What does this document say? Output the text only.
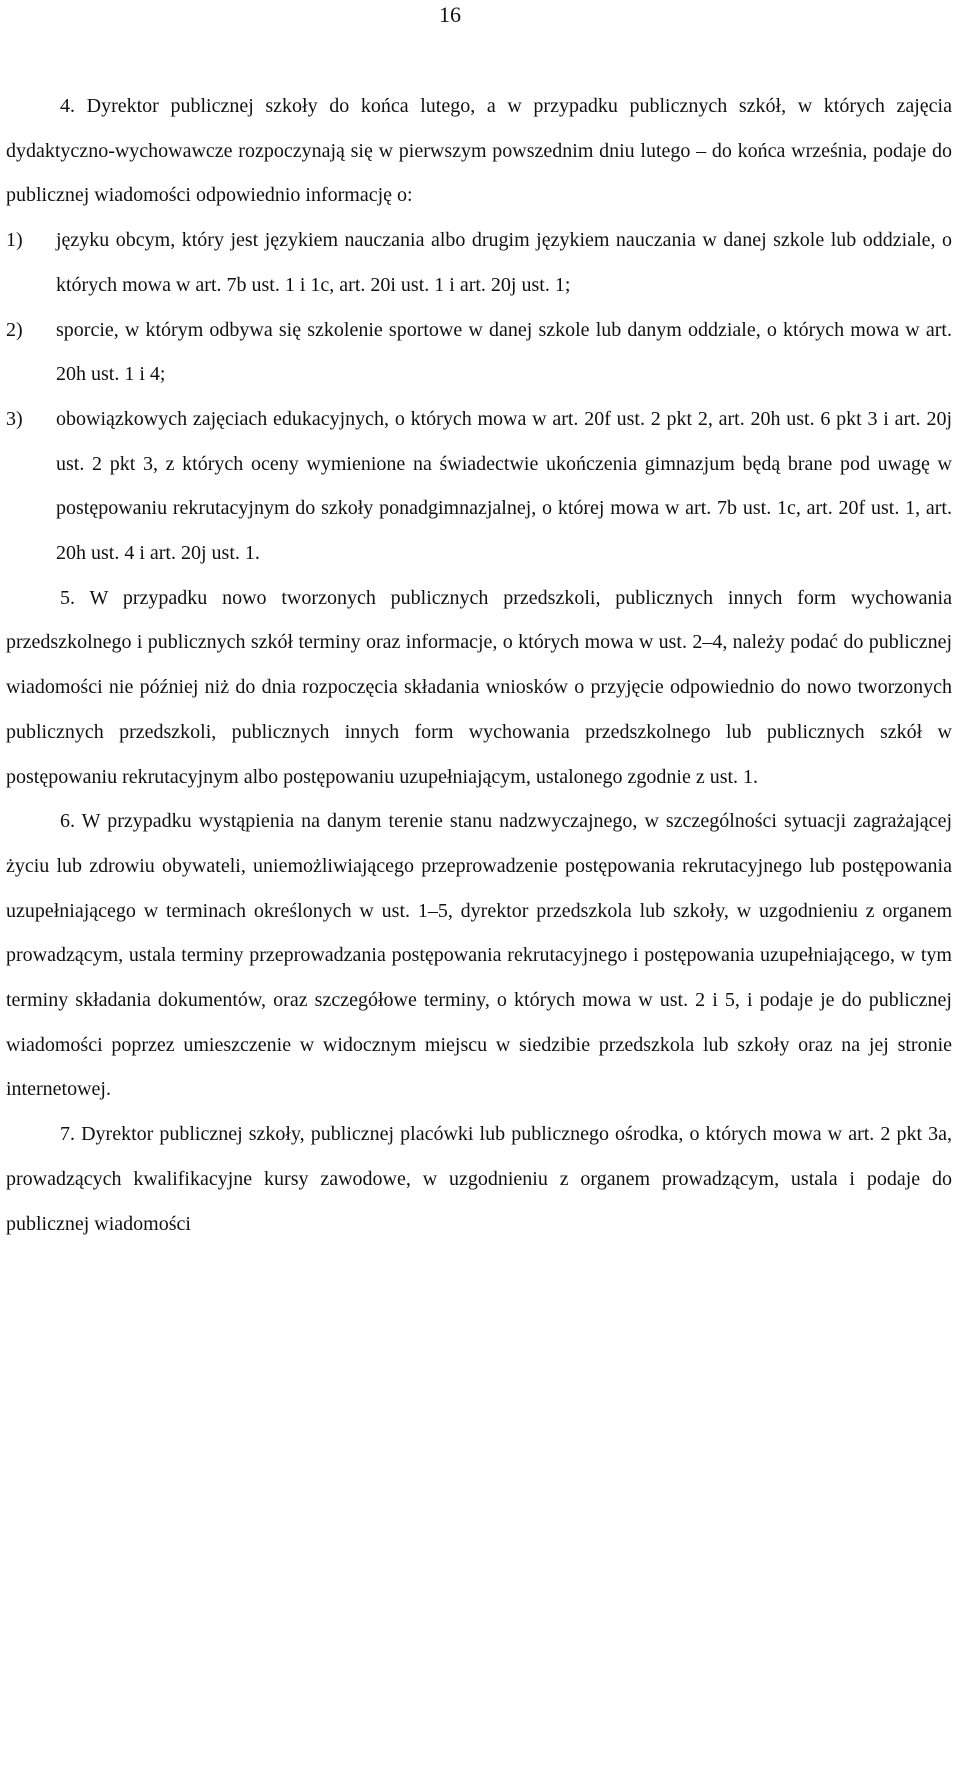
16

4. Dyrektor publicznej szkoły do końca lutego, a w przypadku publicznych szkół, w których zajęcia dydaktyczno-wychowawcze rozpoczynają się w pierwszym powszednim dniu lutego – do końca września, podaje do publicznej wiadomości odpowiednio informację o:

1) języku obcym, który jest językiem nauczania albo drugim językiem nauczania w danej szkole lub oddziale, o których mowa w art. 7b ust. 1 i 1c, art. 20i ust. 1 i art. 20j ust. 1;
2) sporcie, w którym odbywa się szkolenie sportowe w danej szkole lub danym oddziale, o których mowa w art. 20h ust. 1 i 4;
3) obowiązkowych zajęciach edukacyjnych, o których mowa w art. 20f ust. 2 pkt 2, art. 20h ust. 6 pkt 3 i art. 20j ust. 2 pkt 3, z których oceny wymienione na świadectwie ukończenia gimnazjum będą brane pod uwagę w postępowaniu rekrutacyjnym do szkoły ponadgimnazjalnej, o której mowa w art. 7b ust. 1c, art. 20f ust. 1, art. 20h ust. 4 i art. 20j ust. 1.

5. W przypadku nowo tworzonych publicznych przedszkoli, publicznych innych form wychowania przedszkolnego i publicznych szkół terminy oraz informacje, o których mowa w ust. 2–4, należy podać do publicznej wiadomości nie później niż do dnia rozpoczęcia składania wniosków o przyjęcie odpowiednio do nowo tworzonych publicznych przedszkoli, publicznych innych form wychowania przedszkolnego lub publicznych szkół w postępowaniu rekrutacyjnym albo postępowaniu uzupełniającym, ustalonego zgodnie z ust. 1.

6. W przypadku wystąpienia na danym terenie stanu nadzwyczajnego, w szczególności sytuacji zagrażającej życiu lub zdrowiu obywateli, uniemożliwiającego przeprowadzenie postępowania rekrutacyjnego lub postępowania uzupełniającego w terminach określonych w ust. 1–5, dyrektor przedszkola lub szkoły, w uzgodnieniu z organem prowadzącym, ustala terminy przeprowadzania postępowania rekrutacyjnego i postępowania uzupełniającego, w tym terminy składania dokumentów, oraz szczegółowe terminy, o których mowa w ust. 2 i 5, i podaje je do publicznej wiadomości poprzez umieszczenie w widocznym miejscu w siedzibie przedszkola lub szkoły oraz na jej stronie internetowej.

7. Dyrektor publicznej szkoły, publicznej placówki lub publicznego ośrodka, o których mowa w art. 2 pkt 3a, prowadzących kwalifikacyjne kursy zawodowe, w uzgodnieniu z organem prowadzącym, ustala i podaje do publicznej wiadomości
